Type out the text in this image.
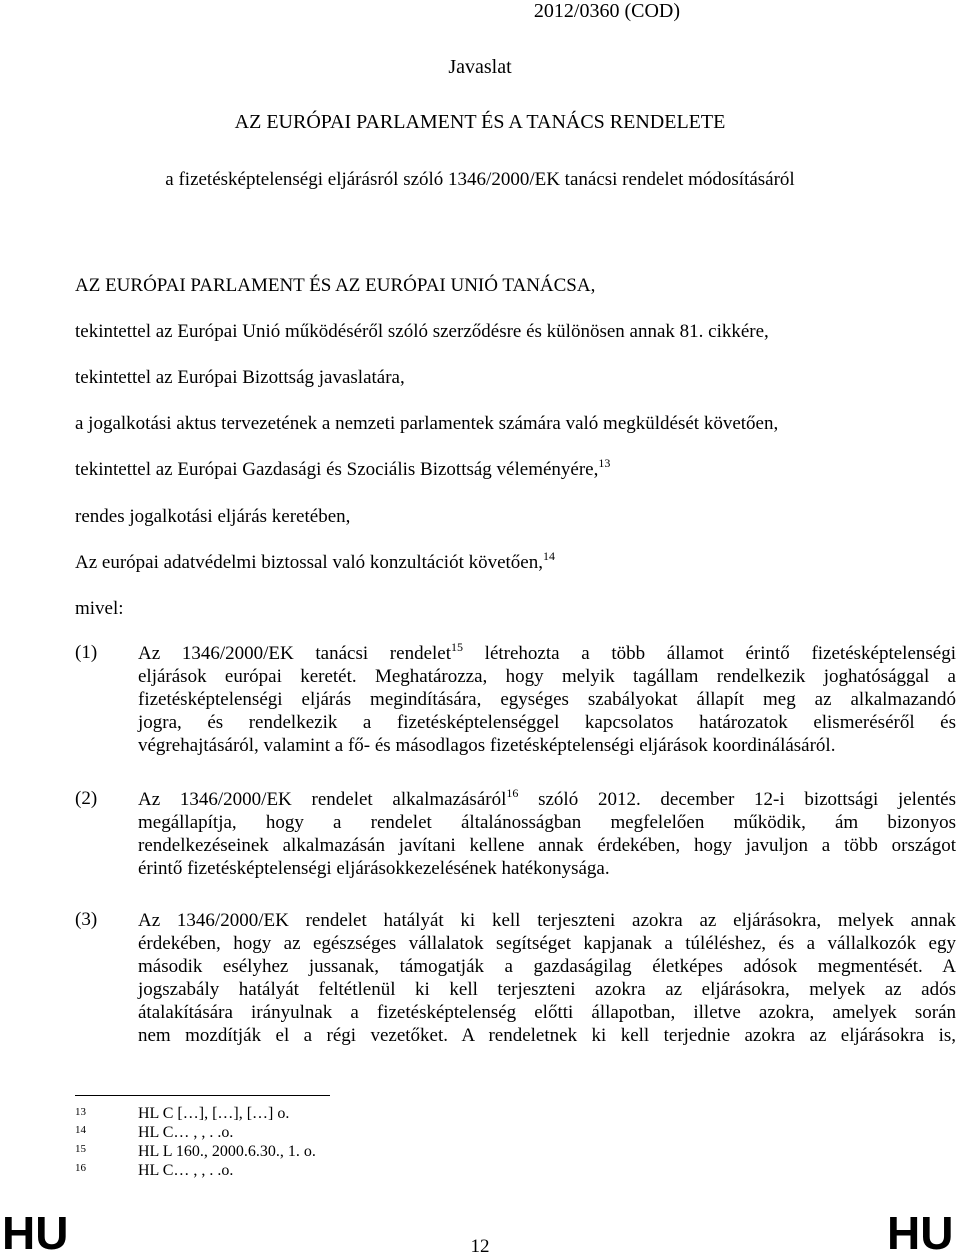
2012/0360 (COD)
Javaslat
AZ EURÓPAI PARLAMENT ÉS A TANÁCS RENDELETE
a fizetésképtelenségi eljárásról szóló 1346/2000/EK tanácsi rendelet módosításáról
AZ EURÓPAI PARLAMENT ÉS AZ EURÓPAI UNIÓ TANÁCSA,
tekintettel az Európai Unió működéséről szóló szerződésre és különösen annak 81. cikkére,
tekintettel az Európai Bizottság javaslatára,
a jogalkotási aktus tervezetének a nemzeti parlamentek számára való megküldését követően,
tekintettel az Európai Gazdasági és Szociális Bizottság véleményére,$^{13}$
rendes jogalkotási eljárás keretében,
Az európai adatvédelmi biztossal való konzultációt követően,$^{14}$
mivel:
(1) Az 1346/2000/EK tanácsi rendelet$^{15}$ létrehozta a több államot érintő fizetésképtelenségi
eljárások európai keretét. Meghatározza, hogy melyik tagállam rendelkezik joghatósággal a
fizetésképtelenségi eljárás megindítására, egységes szabályokat állapít meg az alkalmazandó
jogra, és rendelkezik a fizetésképtelenséggel kapcsolatos határozatok elismeréséről és
végrehajtásáról, valamint a fő- és másodlagos fizetésképtelenségi eljárások koordinálásáról.
(2) Az 1346/2000/EK rendelet alkalmazásáról$^{16}$ szóló 2012. december 12-i bizottsági jelentés
megállapítja, hogy a rendelet általánosságban megfelelően működik, ám bizonyos
rendelkezéseinek alkalmazásán javítani kellene annak érdekében, hogy javuljon a több országot
érintő fizetésképtelenségi eljárásokkezelésének hatékonysága.
(3) Az 1346/2000/EK rendelet hatályát ki kell terjeszteni azokra az eljárásokra, melyek annak
érdekében, hogy az egészséges vállalatok segítséget kapjanak a túléléshez, és a vállalkozók egy
második esélyhez jussanak, támogatják a gazdaságilag életképes adósok megmentését. A
jogszabály hatályát feltétlenül ki kell terjeszteni azokra az eljárásokra, melyek az adós
átalakítására irányulnak a fizetésképtelenség előtti állapotban, illetve azokra, amelyek során
nem mozdítják el a régi vezetőket. A rendeletnek ki kell terjednie azokra az eljárásokra is,
13	HL C […], […], […] o.
14	HL C… , , . .o.
15	HL L 160., 2000.6.30., 1. o.
16	HL C… , , . .o.
HU	12	HU
